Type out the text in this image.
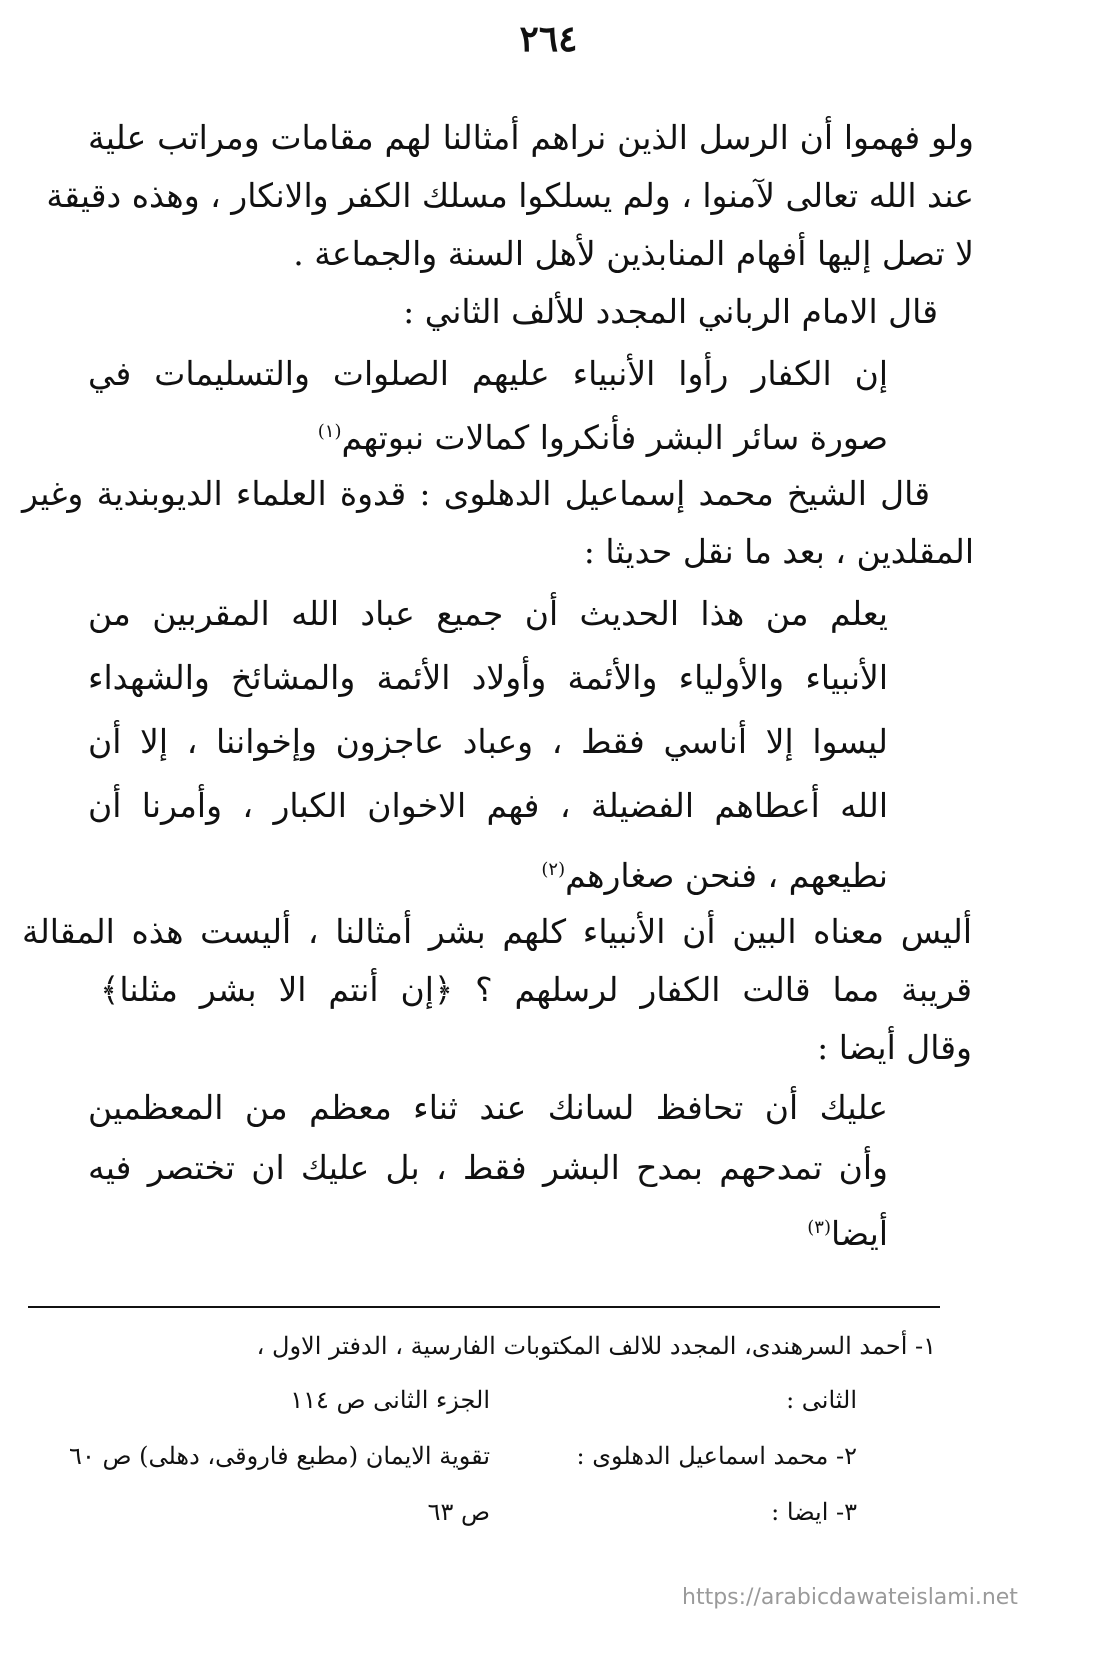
٢٦٤
ولو فهموا أن الرسل الذين نراهم أمثالنا لهم مقامات ومراتب علية
عند الله تعالى لآمنوا ، ولم يسلكوا مسلك الكفر والانكار ، وهذه دقيقة
لا تصل إليها أفهام المنابذين لأهل السنة والجماعة .
قال الامام الرباني المجدد للألف الثاني :
إن الكفار رأوا الأنبياء عليهم الصلوات والتسليمات في
صورة سائر البشر فأنكروا كمالات نبوتهم$^{(١)}$
قال الشيخ محمد إسماعيل الدهلوى : قدوة العلماء الديوبندية وغير
المقلدين ، بعد ما نقل حديثا :
يعلم من هذا الحديث أن جميع عباد الله المقربين من
الأنبياء والأولياء والأئمة وأولاد الأئمة والمشائخ والشهداء
ليسوا إلا أناسي فقط ، وعباد عاجزون وإخواننا ، إلا أن
الله أعطاهم الفضيلة ، فهم الاخوان الكبار ، وأمرنا أن
نطيعهم ، فنحن صغارهم$^{(٢)}$
أليس معناه البين أن الأنبياء كلهم بشر أمثالنا ، أليست هذه المقالة
قريبة مما قالت الكفار لرسلهم ؟ ﴿إن أنتم الا بشر مثلنا﴾
وقال أيضا :
عليك أن تحافظ لسانك عند ثناء معظم من المعظمين
وأن تمدحهم بمدح البشر فقط ، بل عليك ان تختصر فيه
أيضا$^{(٣)}$
١- أحمد السرهندى، المجدد للالف المكتوبات الفارسية ، الدفتر الاول ،
الثانى :
الجزء الثانى ص ١١٤
٢- محمد اسماعيل الدهلوى :
تقوية الايمان (مطبع فاروقى، دهلى) ص ٦٠
٣- ايضا :
ص ٦٣
https://arabicdawateislami.net
